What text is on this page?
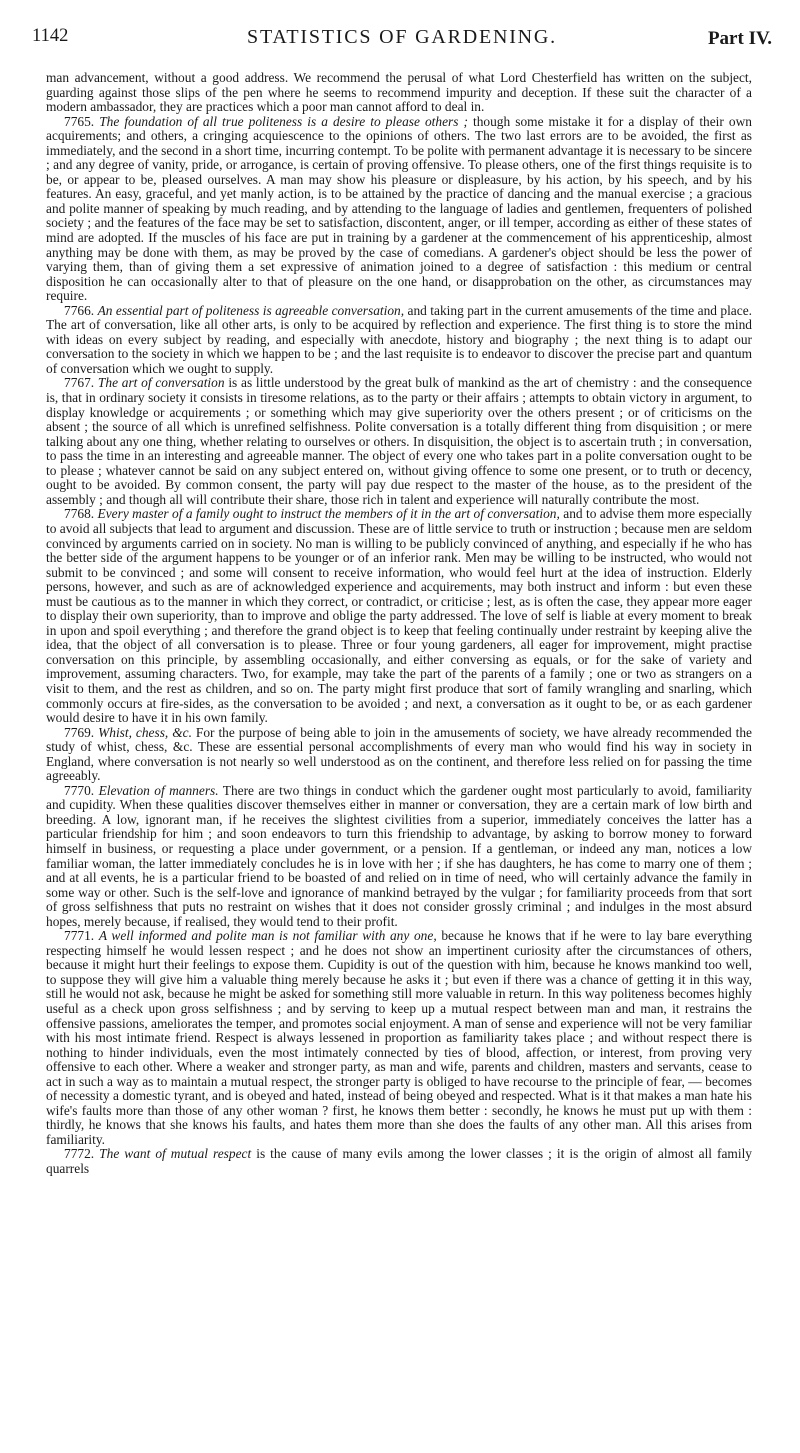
1142	STATISTICS OF GARDENING.	Part IV.

man advancement, without a good address. We recommend the perusal of what Lord Chesterfield has written on the subject, guarding against those slips of the pen where he seems to recommend impurity and deception. If these suit the character of a modern ambassador, they are practices which a poor man cannot afford to deal in.

7765. The foundation of all true politeness is a desire to please others ; though some mistake it for a display of their own acquirements; and others, a cringing acquiescence to the opinions of others. The two last errors are to be avoided, the first as immediately, and the second in a short time, incurring contempt. To be polite with permanent advantage it is necessary to be sincere ; and any degree of vanity, pride, or arrogance, is certain of proving offensive. To please others, one of the first things requisite is to be, or appear to be, pleased ourselves. A man may show his pleasure or displeasure, by his action, by his speech, and by his features. An easy, graceful, and yet manly action, is to be attained by the practice of dancing and the manual exercise ; a gracious and polite manner of speaking by much reading, and by attending to the language of ladies and gentlemen, frequenters of polished society ; and the features of the face may be set to satisfaction, discontent, anger, or ill temper, according as either of these states of mind are adopted. If the muscles of his face are put in training by a gardener at the commencement of his apprenticeship, almost anything may be done with them, as may be proved by the case of comedians. A gardener's object should be less the power of varying them, than of giving them a set expressive of animation joined to a degree of satisfaction : this medium or central disposition he can occasionally alter to that of pleasure on the one hand, or disapprobation on the other, as circumstances may require.

7766. An essential part of politeness is agreeable conversation, and taking part in the current amusements of the time and place. The art of conversation, like all other arts, is only to be acquired by reflection and experience. The first thing is to store the mind with ideas on every subject by reading, and especially with anecdote, history and biography ; the next thing is to adapt our conversation to the society in which we happen to be ; and the last requisite is to endeavor to discover the precise part and quantum of conversation which we ought to supply.

7767. The art of conversation is as little understood by the great bulk of mankind as the art of chemistry : and the consequence is, that in ordinary society it consists in tiresome relations, as to the party or their affairs ; attempts to obtain victory in argument, to display knowledge or acquirements ; or something which may give superiority over the others present ; or of criticisms on the absent ; the source of all which is unrefined selfishness. Polite conversation is a totally different thing from disquisition ; or mere talking about any one thing, whether relating to ourselves or others. In disquisition, the object is to ascertain truth ; in conversation, to pass the time in an interesting and agreeable manner. The object of every one who takes part in a polite conversation ought to be to please ; whatever cannot be said on any subject entered on, without giving offence to some one present, or to truth or decency, ought to be avoided. By common consent, the party will pay due respect to the master of the house, as to the president of the assembly ; and though all will contribute their share, those rich in talent and experience will naturally contribute the most.

7768. Every master of a family ought to instruct the members of it in the art of conversation, and to advise them more especially to avoid all subjects that lead to argument and discussion. These are of little service to truth or instruction ; because men are seldom convinced by arguments carried on in society. No man is willing to be publicly convinced of anything, and especially if he who has the better side of the argument happens to be younger or of an inferior rank. Men may be willing to be instructed, who would not submit to be convinced ; and some will consent to receive information, who would feel hurt at the idea of instruction. Elderly persons, however, and such as are of acknowledged experience and acquirements, may both instruct and inform : but even these must be cautious as to the manner in which they correct, or contradict, or criticise ; lest, as is often the case, they appear more eager to display their own superiority, than to improve and oblige the party addressed. The love of self is liable at every moment to break in upon and spoil everything ; and therefore the grand object is to keep that feeling continually under restraint by keeping alive the idea, that the object of all conversation is to please. Three or four young gardeners, all eager for improvement, might practise conversation on this principle, by assembling occasionally, and either conversing as equals, or for the sake of variety and improvement, assuming characters. Two, for example, may take the part of the parents of a family ; one or two as strangers on a visit to them, and the rest as children, and so on. The party might first produce that sort of family wrangling and snarling, which commonly occurs at fire-sides, as the conversation to be avoided ; and next, a conversation as it ought to be, or as each gardener would desire to have it in his own family.

7769. Whist, chess, &c. For the purpose of being able to join in the amusements of society, we have already recommended the study of whist, chess, &c. These are essential personal accomplishments of every man who would find his way in society in England, where conversation is not nearly so well understood as on the continent, and therefore less relied on for passing the time agreeably.

7770. Elevation of manners. There are two things in conduct which the gardener ought most particularly to avoid, familiarity and cupidity. When these qualities discover themselves either in manner or conversation, they are a certain mark of low birth and breeding. A low, ignorant man, if he receives the slightest civilities from a superior, immediately conceives the latter has a particular friendship for him ; and soon endeavors to turn this friendship to advantage, by asking to borrow money to forward himself in business, or requesting a place under government, or a pension. If a gentleman, or indeed any man, notices a low familiar woman, the latter immediately concludes he is in love with her ; if she has daughters, he has come to marry one of them ; and at all events, he is a particular friend to be boasted of and relied on in time of need, who will certainly advance the family in some way or other. Such is the self-love and ignorance of mankind betrayed by the vulgar ; for familiarity proceeds from that sort of gross selfishness that puts no restraint on wishes that it does not consider grossly criminal ; and indulges in the most absurd hopes, merely because, if realised, they would tend to their profit.

7771. A well informed and polite man is not familiar with any one, because he knows that if he were to lay bare everything respecting himself he would lessen respect ; and he does not show an impertinent curiosity after the circumstances of others, because it might hurt their feelings to expose them. Cupidity is out of the question with him, because he knows mankind too well, to suppose they will give him a valuable thing merely because he asks it ; but even if there was a chance of getting it in this way, still he would not ask, because he might be asked for something still more valuable in return. In this way politeness becomes highly useful as a check upon gross selfishness ; and by serving to keep up a mutual respect between man and man, it restrains the offensive passions, ameliorates the temper, and promotes social enjoyment. A man of sense and experience will not be very familiar with his most intimate friend. Respect is always lessened in proportion as familiarity takes place ; and without respect there is nothing to hinder individuals, even the most intimately connected by ties of blood, affection, or interest, from proving very offensive to each other. Where a weaker and stronger party, as man and wife, parents and children, masters and servants, cease to act in such a way as to maintain a mutual respect, the stronger party is obliged to have recourse to the principle of fear, — becomes of necessity a domestic tyrant, and is obeyed and hated, instead of being obeyed and respected. What is it that makes a man hate his wife's faults more than those of any other woman ? first, he knows them better : secondly, he knows he must put up with them : thirdly, he knows that she knows his faults, and hates them more than she does the faults of any other man. All this arises from familiarity.

7772. The want of mutual respect is the cause of many evils among the lower classes ; it is the origin of almost all family quarrels
